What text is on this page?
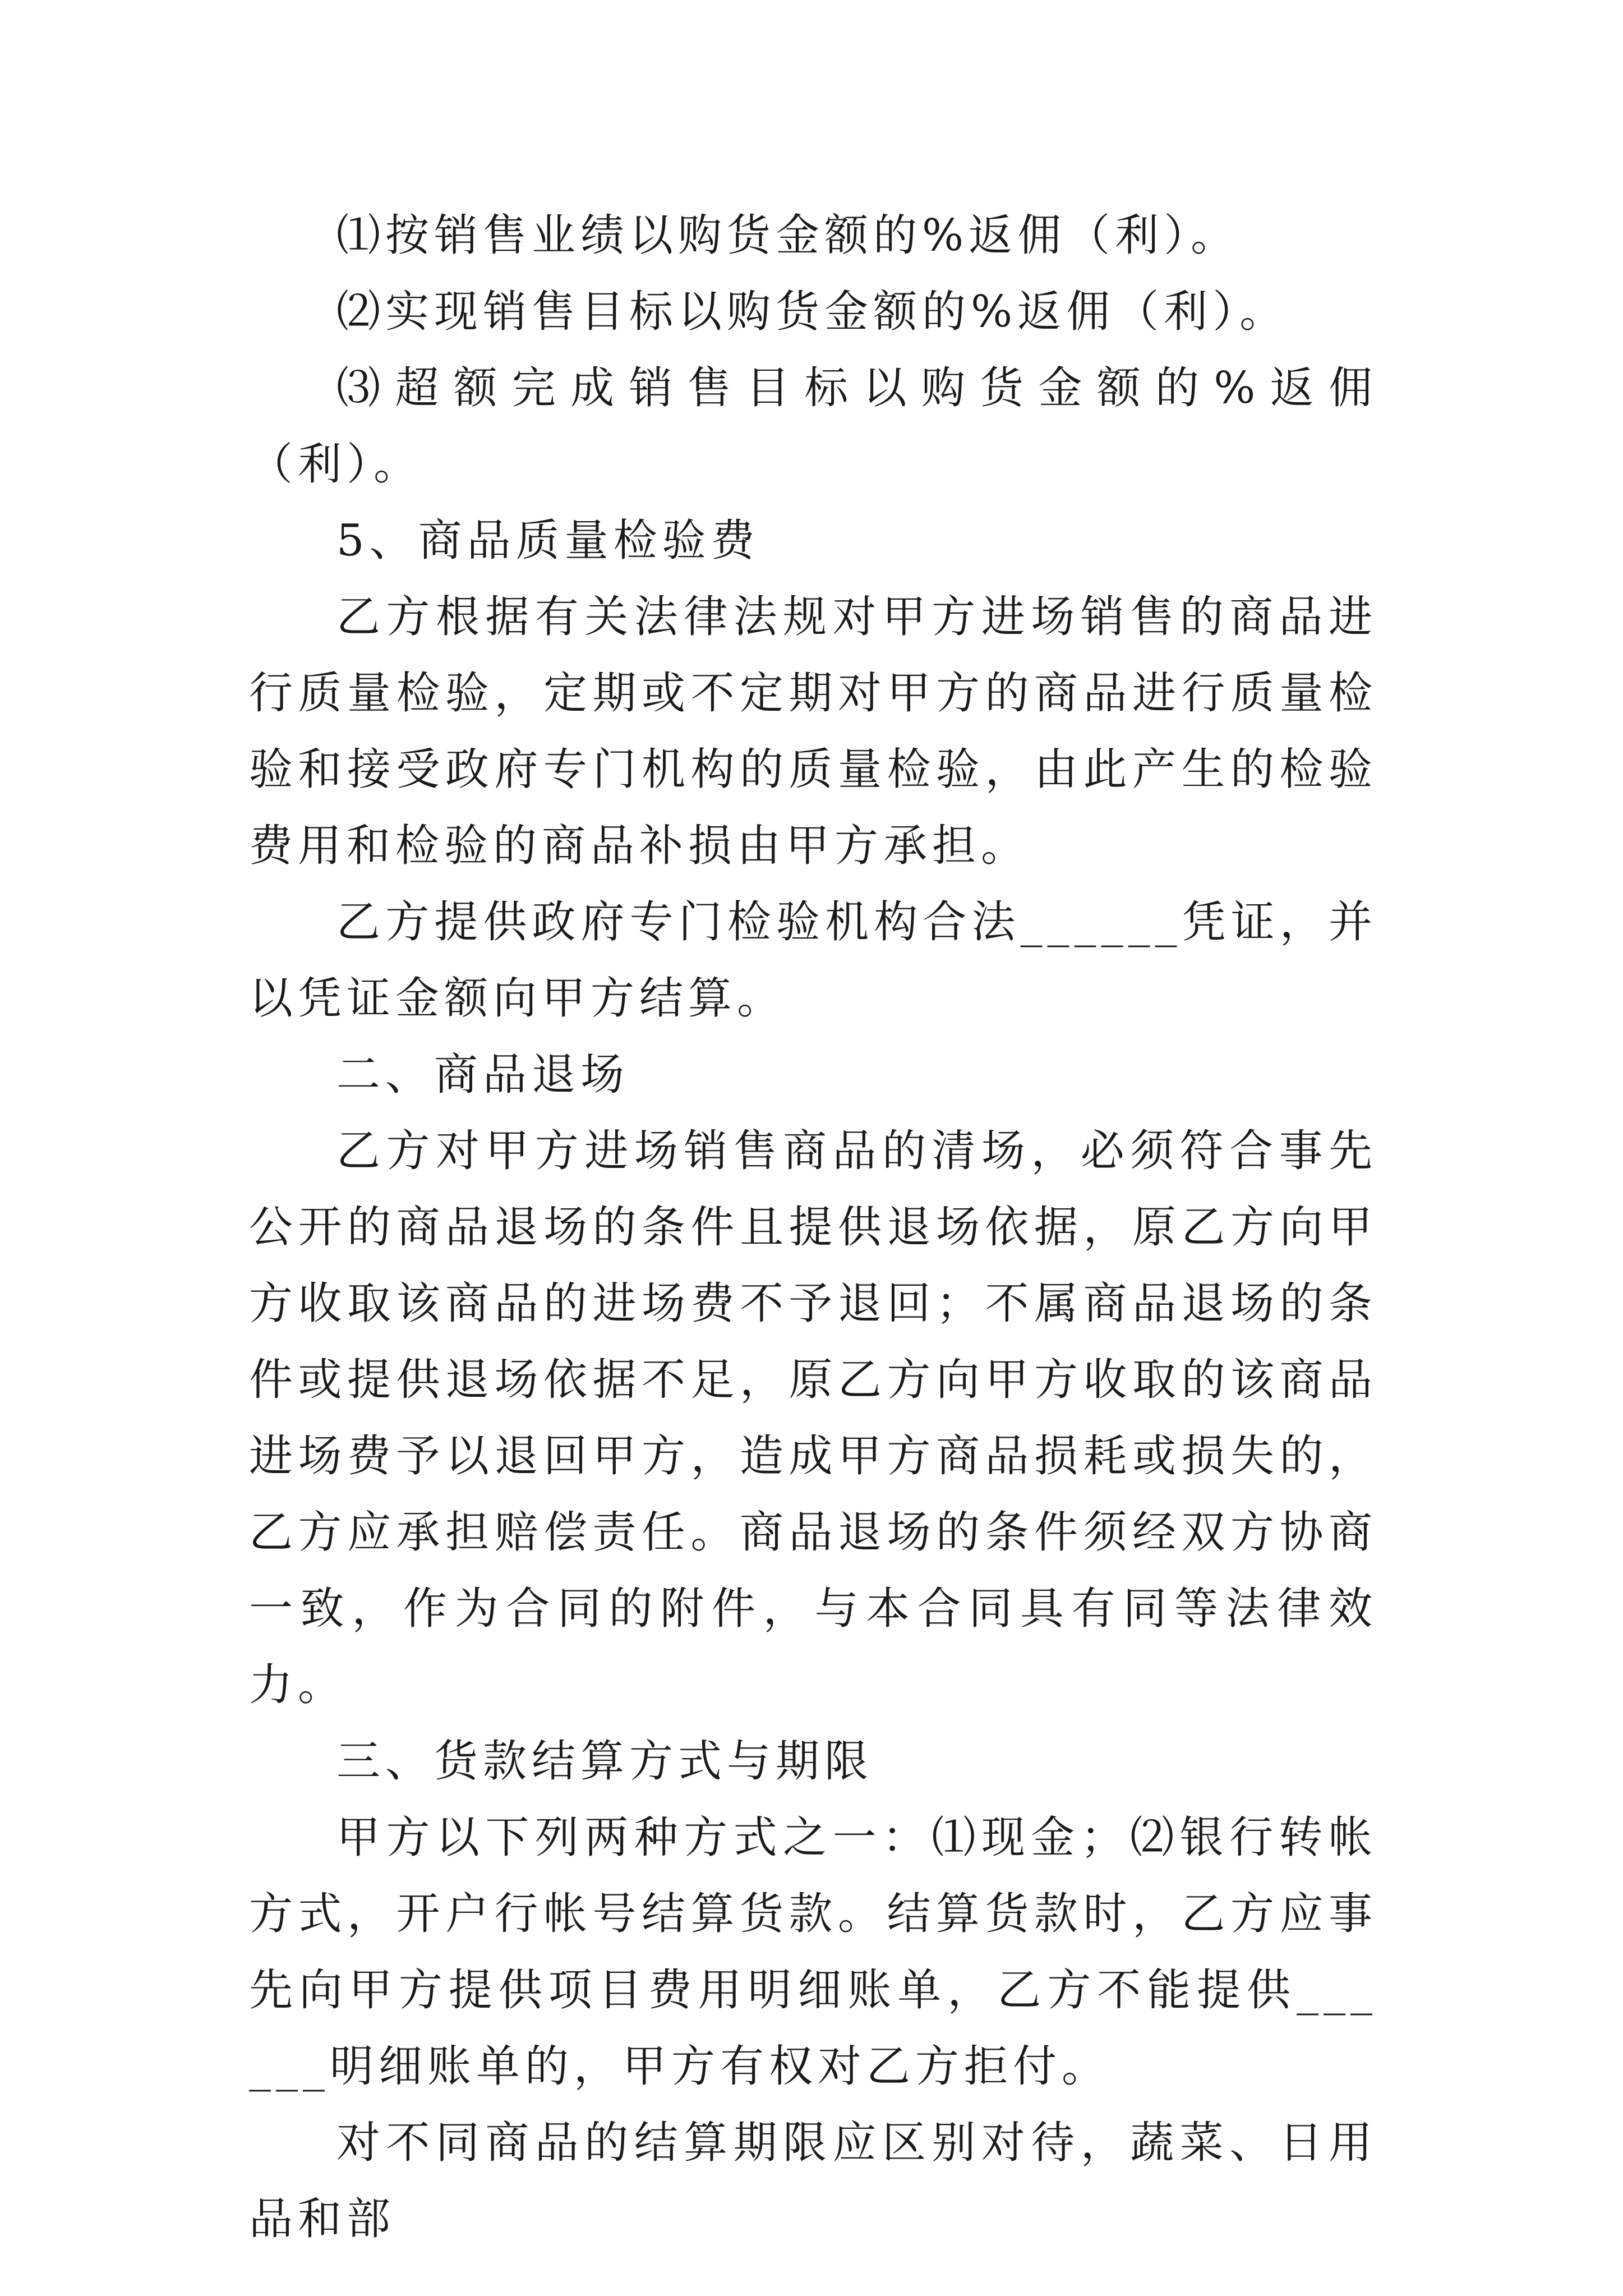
⑴按销售业绩以购货金额的%返佣（利）。

⑵实现销售目标以购货金额的%返佣（利）。

⑶超额完成销售目标以购货金额的%返佣（利）。

5、商品质量检验费

乙方根据有关法律法规对甲方进场销售的商品进行质量检验，定期或不定期对甲方的商品进行质量检验和接受政府专门机构的质量检验，由此产生的检验费用和检验的商品补损由甲方承担。

乙方提供政府专门检验机构合法______凭证，并以凭证金额向甲方结算。

二、商品退场

乙方对甲方进场销售商品的清场，必须符合事先公开的商品退场的条件且提供退场依据，原乙方向甲方收取该商品的进场费不予退回；不属商品退场的条件或提供退场依据不足，原乙方向甲方收取的该商品进场费予以退回甲方，造成甲方商品损耗或损失的，乙方应承担赔偿责任。商品退场的条件须经双方协商一致，作为合同的附件，与本合同具有同等法律效力。

三、货款结算方式与期限

甲方以下列两种方式之一：⑴现金；⑵银行转帐方式，开户行帐号结算货款。结算货款时，乙方应事先向甲方提供项目费用明细账单，乙方不能提供______明细账单的，甲方有权对乙方拒付。

对不同商品的结算期限应区别对待，蔬菜、日用品和部
